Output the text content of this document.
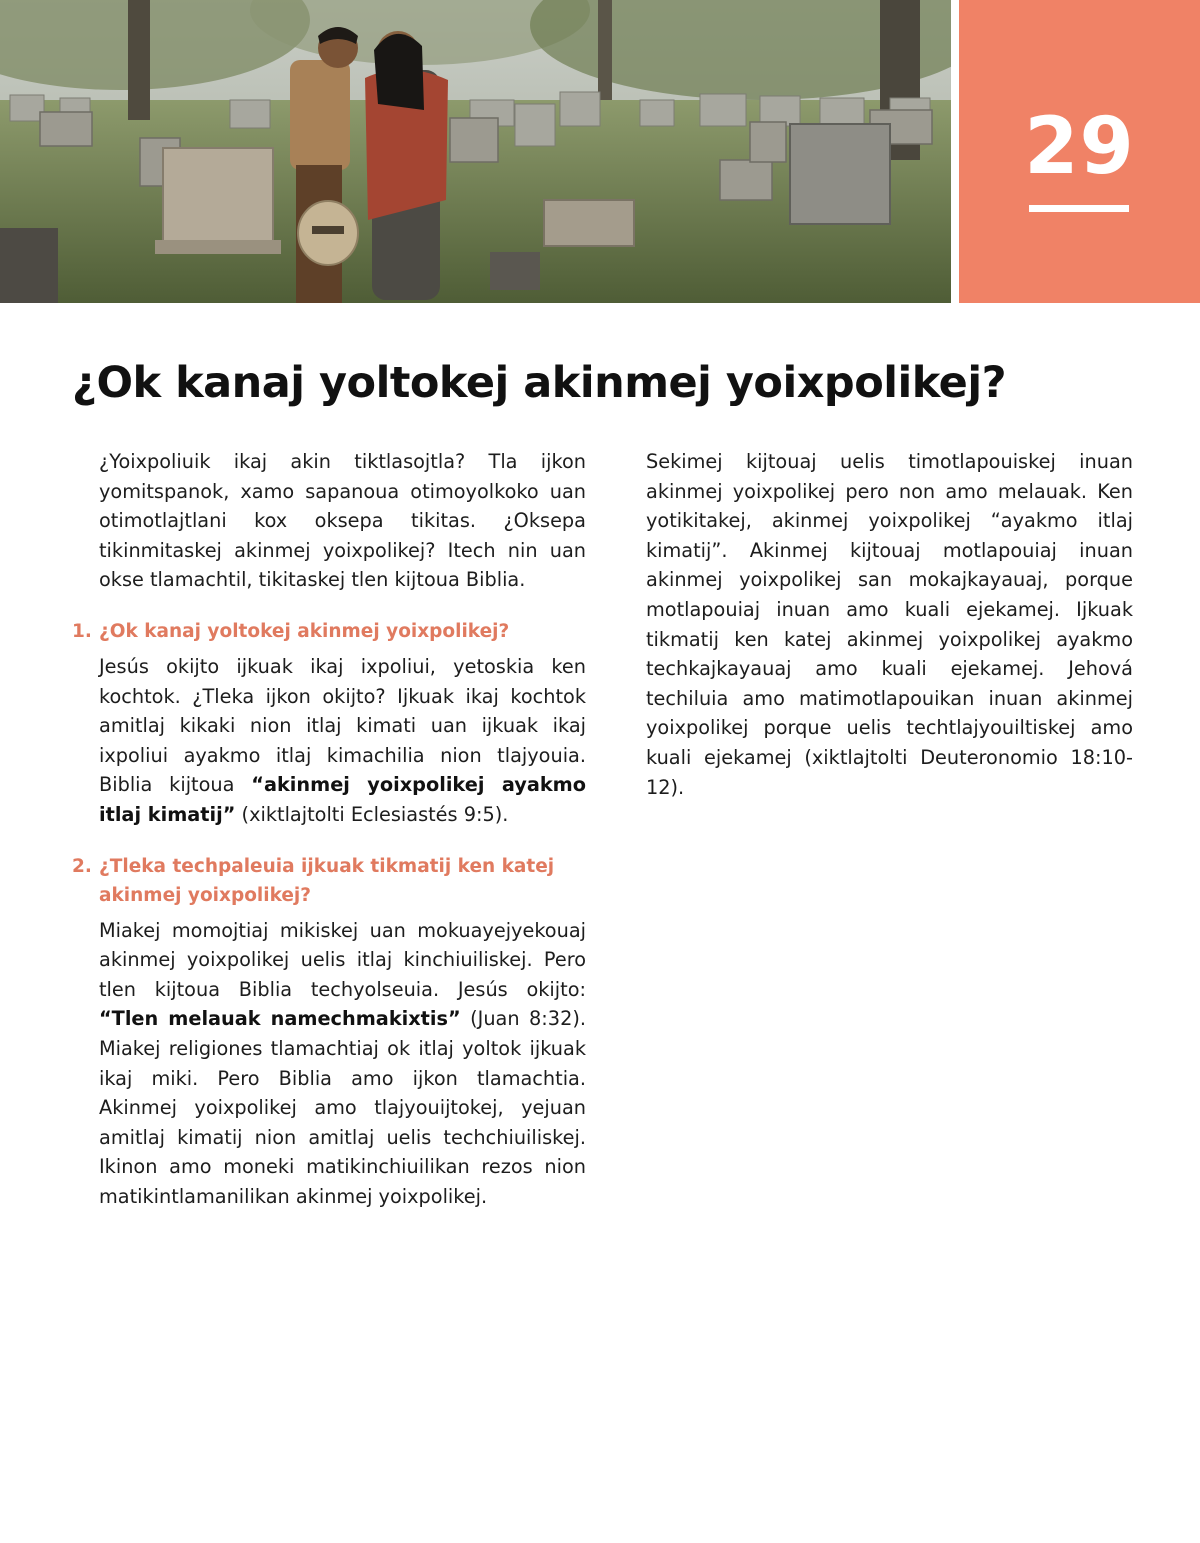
29
¿Ok kanaj yoltokej akinmej yoixpolikej?

¿Yoixpoliuik ikaj akin tiktlasojtla? Tla ijkon yomitspanok, xamo sapanoua otimoyolkoko uan otimotlajtlani kox oksepa tikitas. ¿Oksepa tikinmitaskej akinmej yoixpolikej? Itech nin uan okse tlamachtil, tikitaskej tlen kijtoua Biblia.

1. ¿Ok kanaj yoltokej akinmej yoixpolikej?

Jesús okijto ijkuak ikaj ixpoliui, yetoskia ken kochtok. ¿Tleka ijkon okijto? Ijkuak ikaj kochtok amitlaj kikaki nion itlaj kimati uan ijkuak ikaj ixpoliui ayakmo itlaj kimachilia nion tlajyouia. Biblia kijtoua “akinmej yoixpolikej ayakmo itlaj kimatij” (xiktlajtolti Eclesiastés 9:5).

2. ¿Tleka techpaleuia ijkuak tikmatij ken katej akinmej yoixpolikej?

Miakej momojtiaj mikiskej uan mokuayejyekouaj akinmej yoixpolikej uelis itlaj kinchiuiliskej. Pero tlen kijtoua Biblia techyolseuia. Jesús okijto: “Tlen melauak namechmakixtis” (Juan 8:32). Miakej religiones tlamachtiaj ok itlaj yoltok ijkuak ikaj miki. Pero Biblia amo ijkon tlamachtia. Akinmej yoixpolikej amo tlajyouijtokej, yejuan amitlaj kimatij nion amitlaj uelis techchiuiliskej. Ikinon amo moneki matikinchiuilikan rezos nion matikintlamanilikan akinmej yoixpolikej.

Sekimej kijtouaj uelis timotlapouiskej inuan akinmej yoixpolikej pero non amo melauak. Ken yotikitakej, akinmej yoixpolikej “ayakmo itlaj kimatij”. Akinmej kijtouaj motlapouiaj inuan akinmej yoixpolikej san mokajkayauaj, porque motlapouiaj inuan amo kuali ejekamej. Ijkuak tikmatij ken katej akinmej yoixpolikej ayakmo techkajkayauaj amo kuali ejekamej. Jehová techiluia amo matimotlapouikan inuan akinmej yoixpolikej porque uelis techtlajyouiltiskej amo kuali ejekamej (xiktlajtolti Deuteronomio 18:10-12).
